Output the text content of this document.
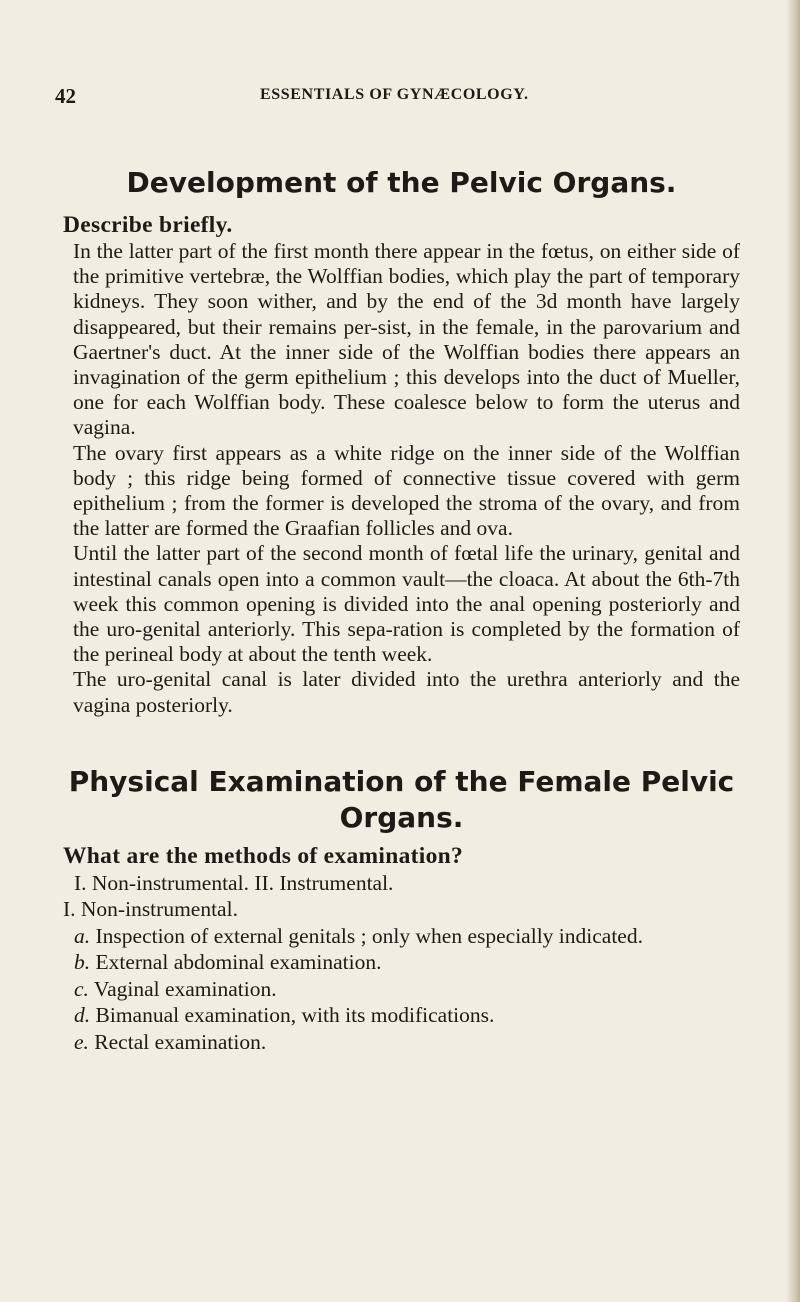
42	ESSENTIALS OF GYNÆCOLOGY.
Development of the Pelvic Organs.
Describe briefly.

In the latter part of the first month there appear in the fœtus, on either side of the primitive vertebræ, the Wolffian bodies, which play the part of temporary kidneys. They soon wither, and by the end of the 3d month have largely disappeared, but their remains per-sist, in the female, in the parovarium and Gaertner's duct. At the inner side of the Wolffian bodies there appears an invagination of the germ epithelium ; this develops into the duct of Mueller, one for each Wolffian body. These coalesce below to form the uterus and vagina.

The ovary first appears as a white ridge on the inner side of the Wolffian body ; this ridge being formed of connective tissue covered with germ epithelium ; from the former is developed the stroma of the ovary, and from the latter are formed the Graafian follicles and ova.

Until the latter part of the second month of fœtal life the urinary, genital and intestinal canals open into a common vault—the cloaca. At about the 6th-7th week this common opening is divided into the anal opening posteriorly and the uro-genital anteriorly. This sepa-ration is completed by the formation of the perineal body at about the tenth week.

The uro-genital canal is later divided into the urethra anteriorly and the vagina posteriorly.

Physical Examination of the Female Pelvic Organs.
What are the methods of examination?
I. Non-instrumental. II. Instrumental.
I. Non-instrumental.
a. Inspection of external genitals ; only when especially indicated.
b. External abdominal examination.
c. Vaginal examination.
d. Bimanual examination, with its modifications.
e. Rectal examination.
